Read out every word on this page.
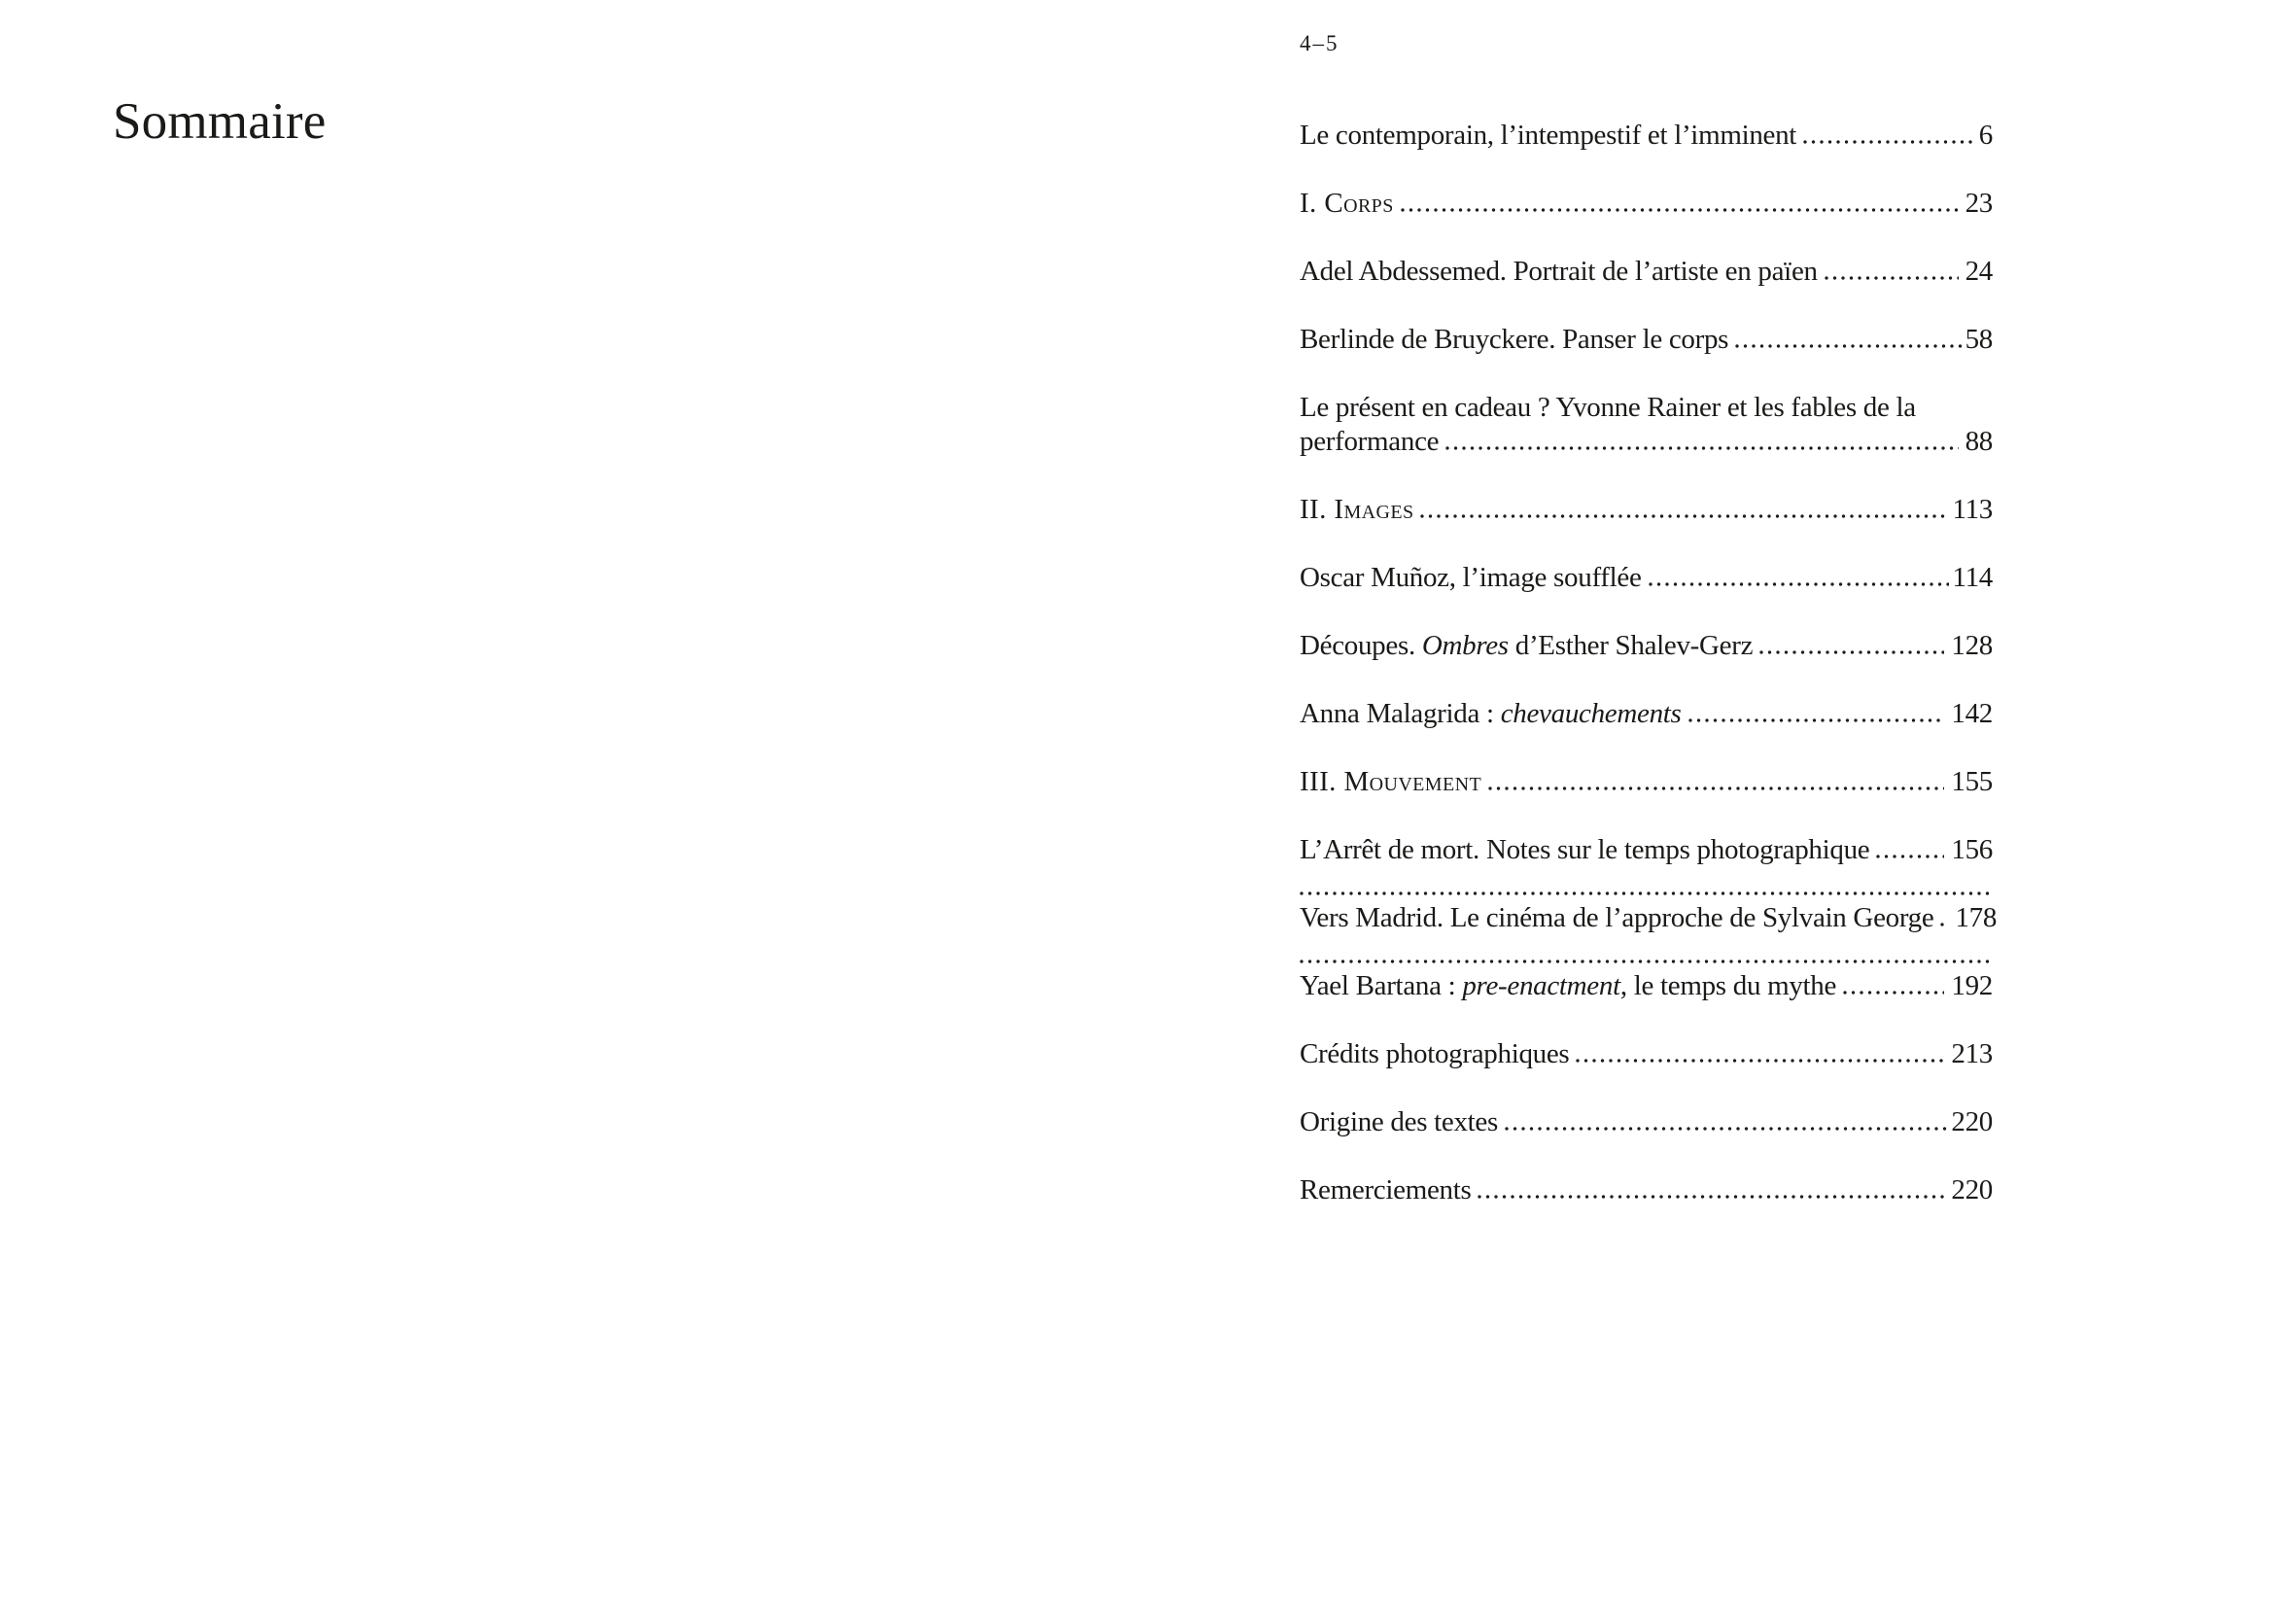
Sommaire
4–5
Le contemporain, l’intempestif et l’imminent	6
I. Corps	23
Adel Abdessemed. Portrait de l’artiste en païen	24
Berlinde de Bruyckere. Panser le corps	58
Le présent en cadeau ? Yvonne Rainer et les fables de la
performance	88
II. Images	113
Oscar Muñoz, l’image soufflée	114
Découpes. Ombres d’Esther Shalev-Gerz	128
Anna Malagrida : chevauchements	142
III. Mouvement	155
L’Arrêt de mort. Notes sur le temps photographique	156
Vers Madrid. Le cinéma de l’approche de Sylvain George 178
Yael Bartana : pre-enactment, le temps du mythe	192
Crédits photographiques	213
Origine des textes	220
Remerciements	220
